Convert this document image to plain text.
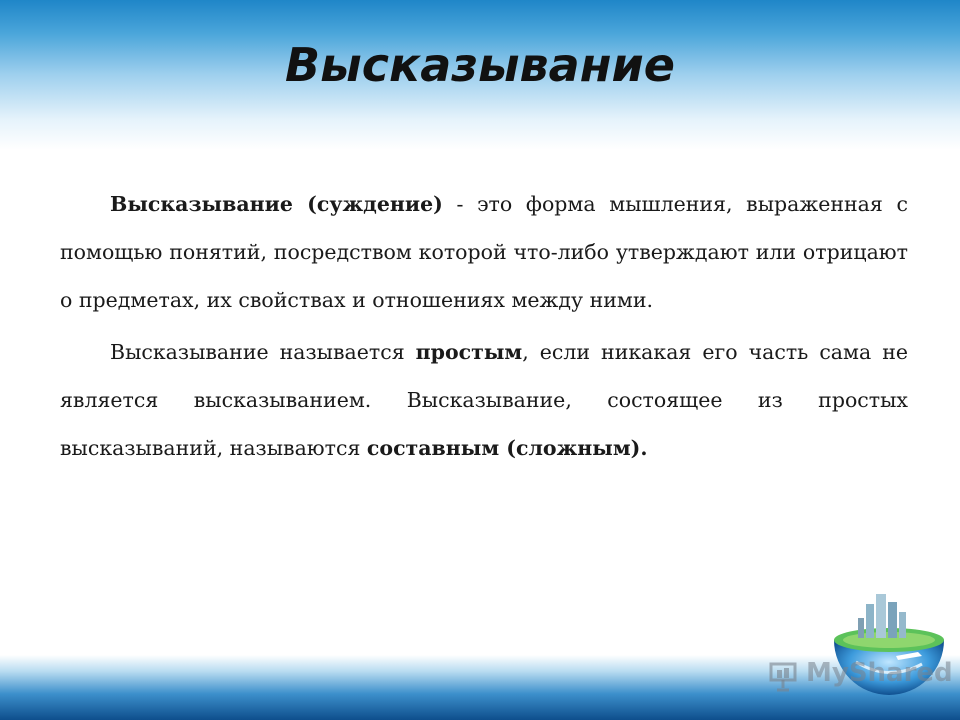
Высказывание

Высказывание (суждение) - это форма мышления, выраженная с помощью понятий, посредством которой что-либо утверждают или отрицают о предметах, их свойствах и отношениях между ними.

Высказывание называется простым, если никакая его часть сама не является высказыванием. Высказывание, состоящее из простых высказываний, называются составным (сложным).

MyShared
